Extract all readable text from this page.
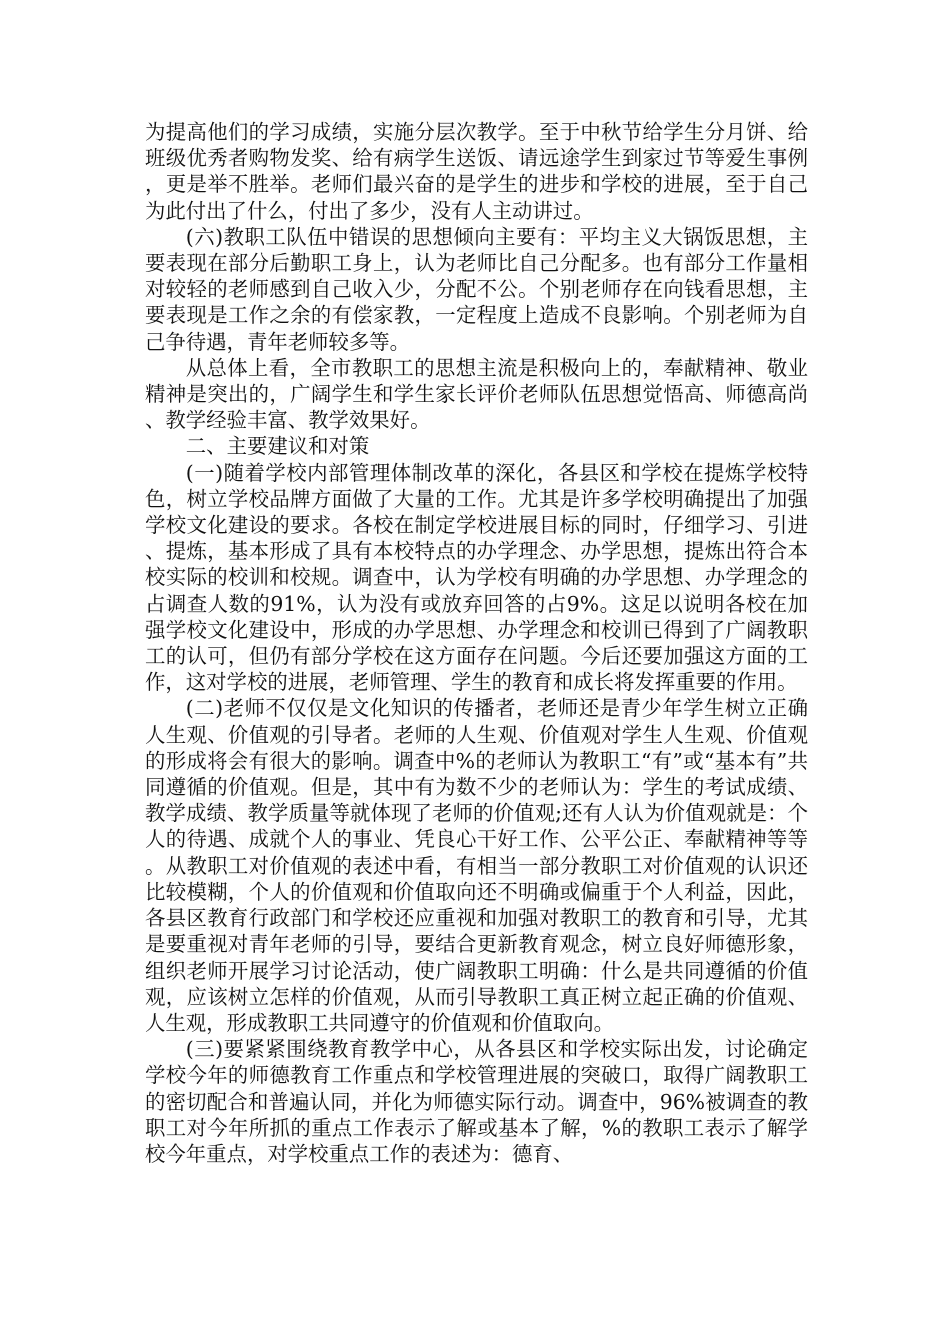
为提高他们的学习成绩，实施分层次教学。至于中秋节给学生分月饼、给班级优秀者购物发奖、给有病学生送饭、请远途学生到家过节等爱生事例，更是举不胜举。老师们最兴奋的是学生的进步和学校的进展，至于自己为此付出了什么，付出了多少，没有人主动讲过。

(六)教职工队伍中错误的思想倾向主要有：平均主义大锅饭思想，主要表现在部分后勤职工身上，认为老师比自己分配多。也有部分工作量相对较轻的老师感到自己收入少，分配不公。个别老师存在向钱看思想，主要表现是工作之余的有偿家教，一定程度上造成不良影响。个别老师为自己争待遇，青年老师较多等。

从总体上看，全市教职工的思想主流是积极向上的，奉献精神、敬业精神是突出的，广阔学生和学生家长评价老师队伍思想觉悟高、师德高尚、教学经验丰富、教学效果好。

二、主要建议和对策

(一)随着学校内部管理体制改革的深化，各县区和学校在提炼学校特色，树立学校品牌方面做了大量的工作。尤其是许多学校明确提出了加强学校文化建设的要求。各校在制定学校进展目标的同时，仔细学习、引进、提炼，基本形成了具有本校特点的办学理念、办学思想，提炼出符合本校实际的校训和校规。调查中，认为学校有明确的办学思想、办学理念的占调查人数的91%，认为没有或放弃回答的占9%。这足以说明各校在加强学校文化建设中，形成的办学思想、办学理念和校训已得到了广阔教职工的认可，但仍有部分学校在这方面存在问题。今后还要加强这方面的工作，这对学校的进展，老师管理、学生的教育和成长将发挥重要的作用。

(二)老师不仅仅是文化知识的传播者，老师还是青少年学生树立正确人生观、价值观的引导者。老师的人生观、价值观对学生人生观、价值观的形成将会有很大的影响。调查中%的老师认为教职工“有”或“基本有”共同遵循的价值观。但是，其中有为数不少的老师认为：学生的考试成绩、教学成绩、教学质量等就体现了老师的价值观;还有人认为价值观就是：个人的待遇、成就个人的事业、凭良心干好工作、公平公正、奉献精神等等。从教职工对价值观的表述中看，有相当一部分教职工对价值观的认识还比较模糊，个人的价值观和价值取向还不明确或偏重于个人利益，因此，各县区教育行政部门和学校还应重视和加强对教职工的教育和引导，尤其是要重视对青年老师的引导，要结合更新教育观念，树立良好师德形象，组织老师开展学习讨论活动，使广阔教职工明确：什么是共同遵循的价值观，应该树立怎样的价值观，从而引导教职工真正树立起正确的价值观、人生观，形成教职工共同遵守的价值观和价值取向。

(三)要紧紧围绕教育教学中心，从各县区和学校实际出发，讨论确定学校今年的师德教育工作重点和学校管理进展的突破口，取得广阔教职工的密切配合和普遍认同，并化为师德实际行动。调查中，96%被调查的教职工对今年所抓的重点工作表示了解或基本了解，%的教职工表示了解学校今年重点，对学校重点工作的表述为：德育、
